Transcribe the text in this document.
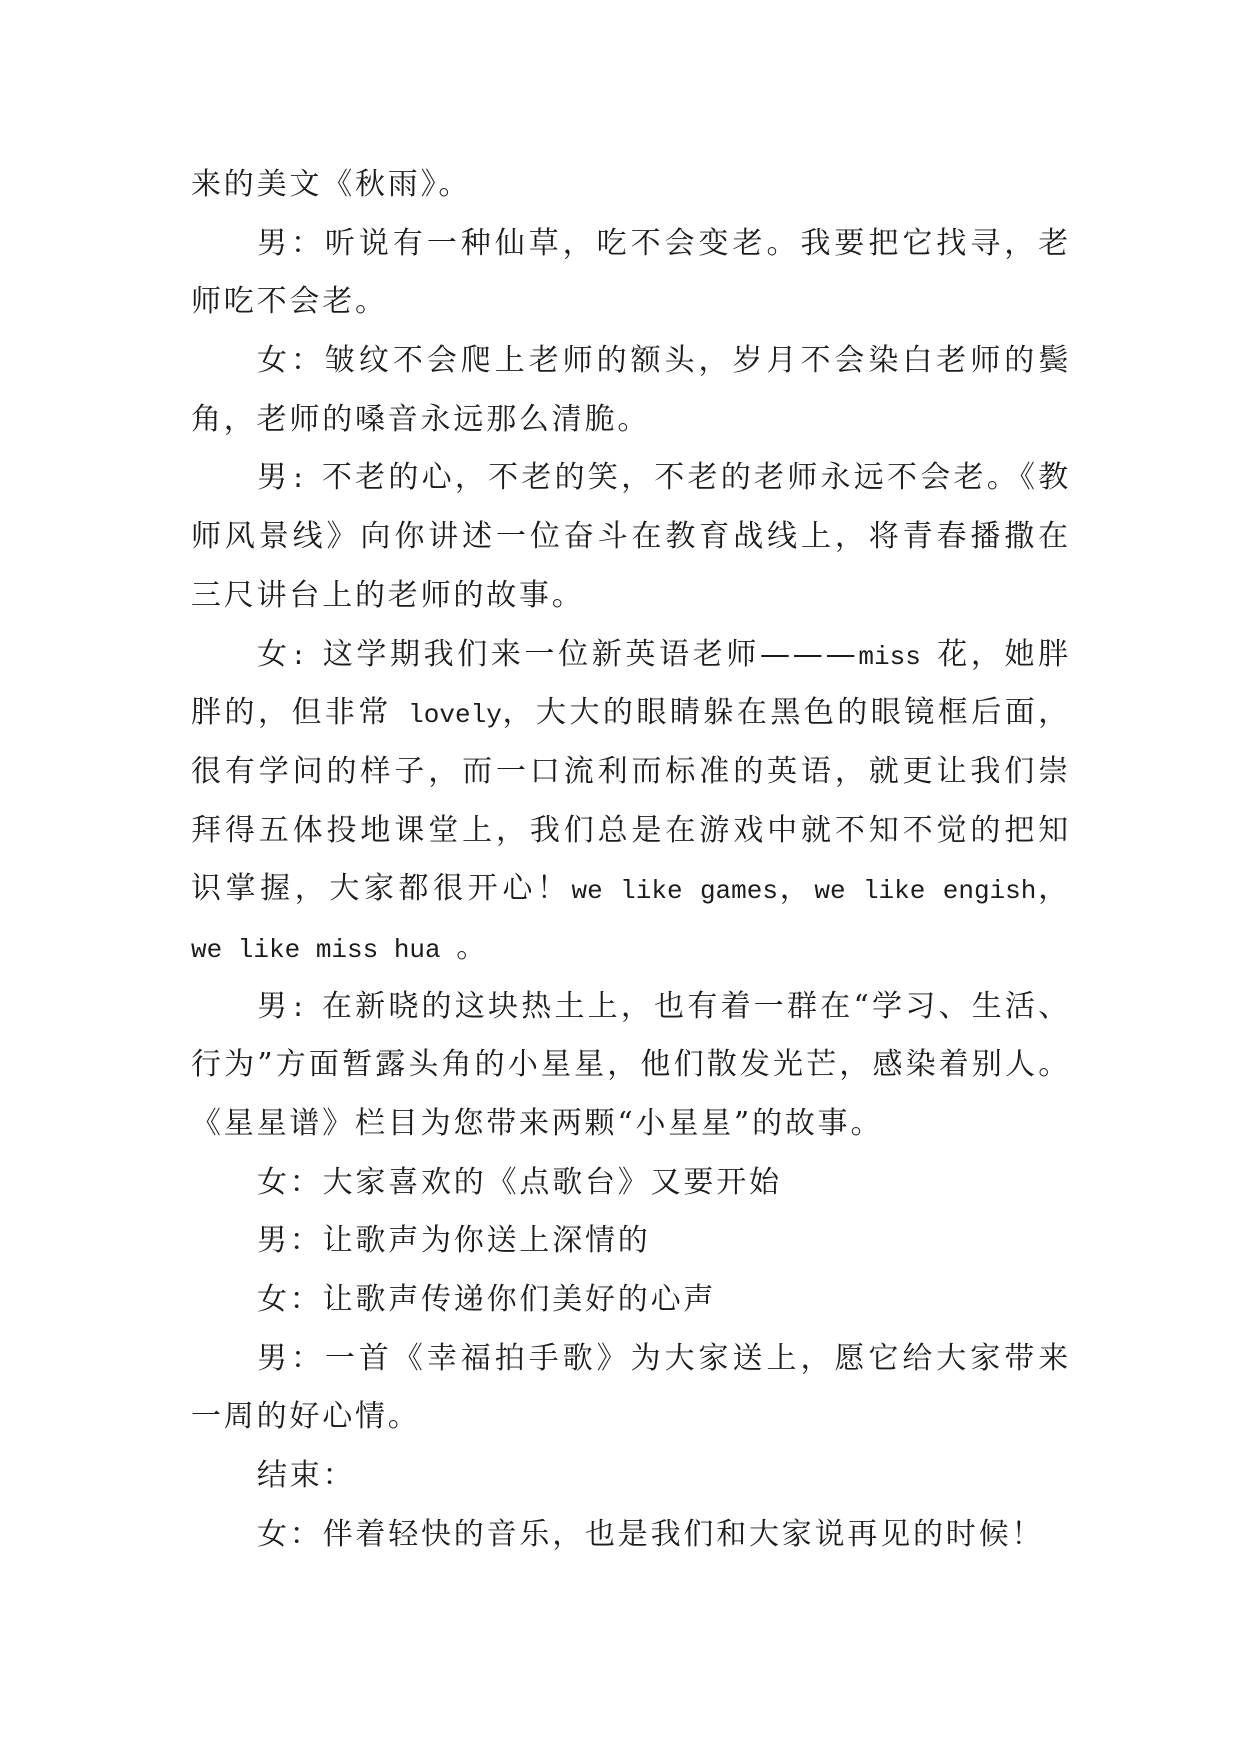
来的美文《秋雨》。
男：听说有一种仙草，吃不会变老。我要把它找寻，老
师吃不会老。
女：皱纹不会爬上老师的额头，岁月不会染白老师的鬓
角，老师的嗓音永远那么清脆。
男: 不老的心，不老的笑，不老的老师永远不会老。《教
师风景线》向你讲述一位奋斗在教育战线上，将青春播撒在
三尺讲台上的老师的故事。
女: 这学期我们来一位新英语老师———miss 花，她胖
胖的，但非常 lovely，大大的眼睛躲在黑色的眼镜框后面，
很有学问的样子，而一口流利而标准的英语，就更让我们崇
拜得五体投地课堂上，我们总是在游戏中就不知不觉的把知
识掌握，大家都很开心！we like games，we like engish，
we like miss hua 。
男: 在新晓的这块热土上，也有着一群在“学习、生活、
行为”方面暂露头角的小星星，他们散发光芒，感染着别人。
《星星谱》栏目为您带来两颗“小星星”的故事。
女：大家喜欢的《点歌台》又要开始
男：让歌声为你送上深情的
女：让歌声传递你们美好的心声
男：一首《幸福拍手歌》为大家送上，愿它给大家带来
一周的好心情。
结束：
女：伴着轻快的音乐，也是我们和大家说再见的时候！
